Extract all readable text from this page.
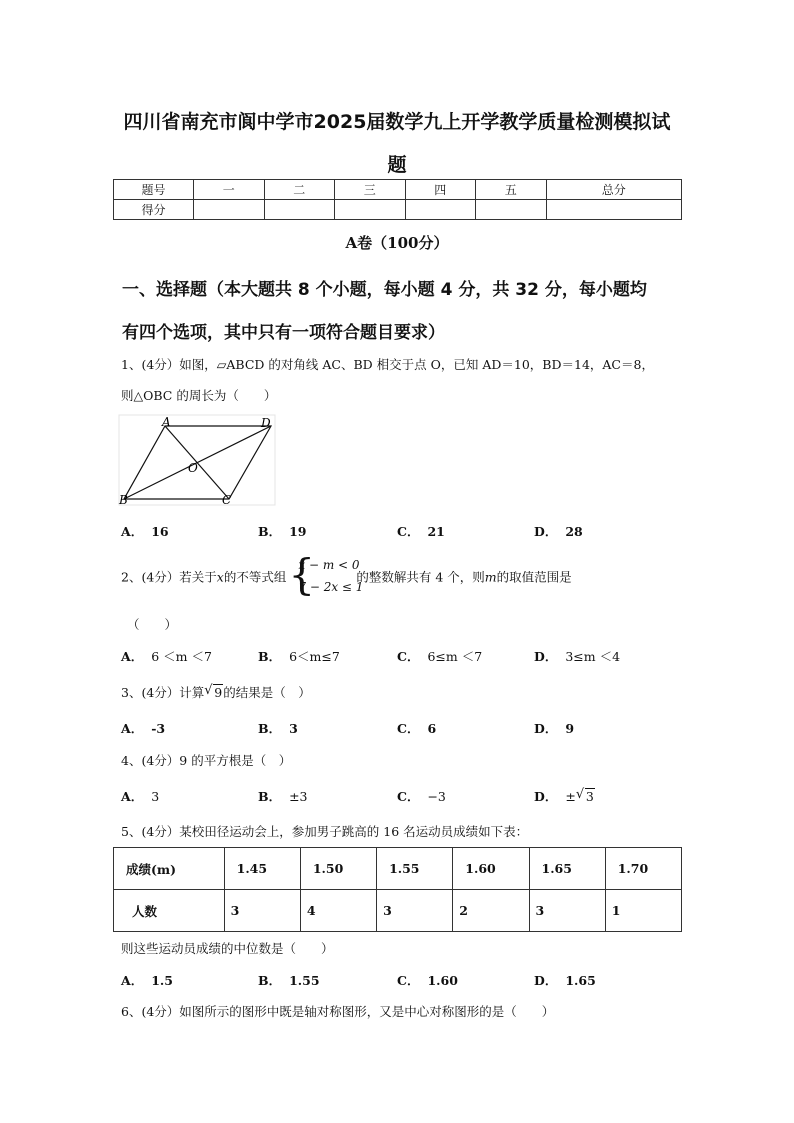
四川省南充市阆中学市2025届数学九上开学教学质量检测模拟试
题
题号	一	二	三	四	五	总分
得分						
A卷（100分）
一、选择题（本大题共 8 个小题，每小题 4 分，共 32 分，每小题均
有四个选项，其中只有一项符合题目要求）
1、(4分）如图，▱ABCD 的对角线 AC、BD 相交于点 O，已知 AD＝10，BD＝14，AC＝8，
则△OBC 的周长为（　　）
A	D
O
B	C
A． 16	B． 19	C． 21	D． 28
2、(4分）若关于x的不等式组 {
x − m < 0
7 − 2x ≤ 1
的整数解共有 4 个，则m的取值范围是
（　　）
A． 6 ＜m ＜7	B． 6＜m≤7	C． 6≤m ＜7	D． 3≤m ＜4
3、(4分）计算 √ 9的结果是（　）
A． -3	B． 3	C． 6	D． 9
4、(4分）9 的平方根是（　）
A． 3	B． ±3	C． −3	D． ± √ 3
5、(4分）某校田径运动会上，参加男子跳高的 16 名运动员成绩如下表：
成绩(m)	1.45	1.50	1.55	1.60	1.65	1.70
人数	3	4	3	2	3	1
则这些运动员成绩的中位数是（　　）
A． 1.5	B． 1.55	C． 1.60	D． 1.65
6、(4分）如图所示的图形中既是轴对称图形，又是中心对称图形的是（　　）
